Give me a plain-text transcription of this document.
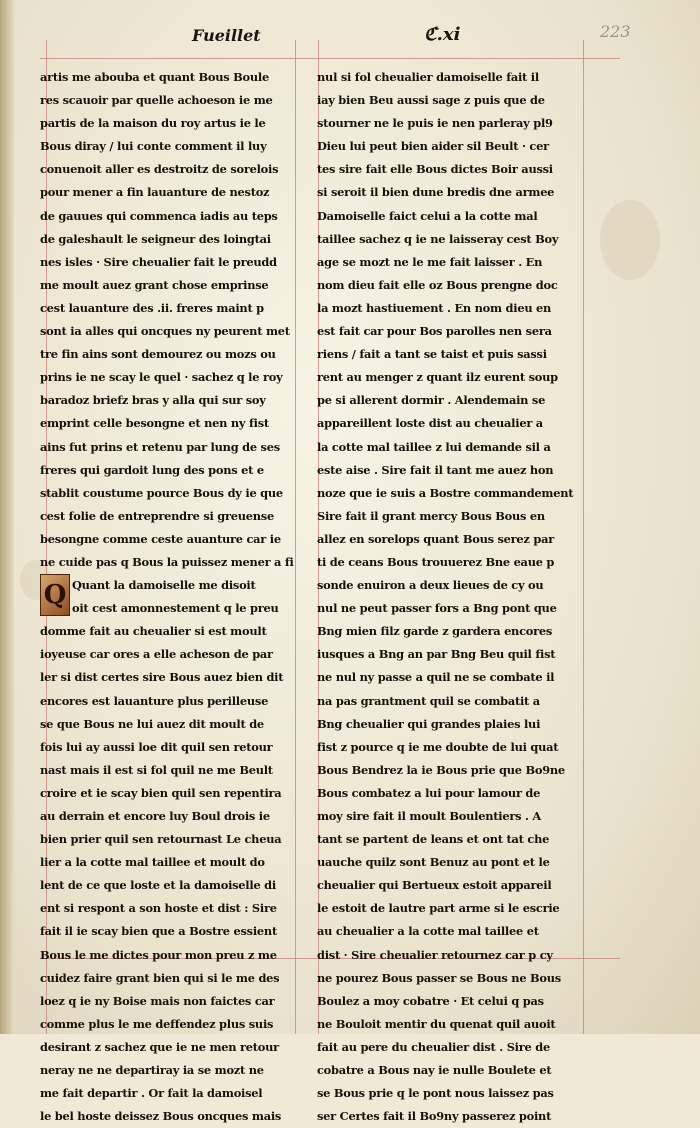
Fueillet	ℭ.xi	223
artis me abouba et quant Bous Boule
res scauoir par quelle achoeson ie me
partis de la maison du roy artus ie le
Bous diray / lui conte comment il luy
conuenoit aller es destroitz de sorelois
pour mener a fin lauanture de nestoz
de gauues qui commenca iadis au teps
de galeshault le seigneur des loingtai
nes isles · Sire cheualier fait le preudd
me moult auez grant chose emprinse
cest lauanture des .ii. freres maint p
sont ia alles qui oncques ny peurent met
tre fin ains sont demourez ou mozs ou
prins ie ne scay le quel · sachez q le roy
baradoz briefz bras y alla qui sur soy
emprint celle besongne et nen ny fist
ains fut prins et retenu par lung de ses
freres qui gardoit lung des pons et e
stablit coustume pource Bous dy ie que
cest folie de entreprendre si greuense
besongne comme ceste auanture car ie
ne cuide pas q Bous la puissez mener a fi
Q Quant la damoiselle me disoit
oit cest amonnestement q le preu
domme fait au cheualier si est moult
ioyeuse car ores a elle acheson de par
ler si dist certes sire Bous auez bien dit
encores est lauanture plus perilleuse
se que Bous ne lui auez dit moult de
fois lui ay aussi loe dit quil sen retour
nast mais il est si fol quil ne me Beult
croire et ie scay bien quil sen repentira
au derrain et encore luy Boul drois ie
bien prier quil sen retournast Le cheua
lier a la cotte mal taillee et moult do
lent de ce que loste et la damoiselle di
ent si respont a son hoste et dist : Sire
fait il ie scay bien que a Bostre essient
Bous le me dictes pour mon preu z me
cuidez faire grant bien qui si le me des
loez q ie ny Boise mais non faictes car
comme plus le me deffendez plus suis
desirant z sachez que ie ne men retour
neray ne ne departiray ia se mozt ne
me fait departir . Or fait la damoisel
le bel hoste deissez Bous oncques mais
nul si fol cheualier damoiselle fait il
iay bien Beu aussi sage z puis que de
stourner ne le puis ie nen parleray pl9
Dieu lui peut bien aider sil Beult · cer
tes sire fait elle Bous dictes Boir aussi
si seroit il bien dune bredis dne armee
Damoiselle faict celui a la cotte mal
taillee sachez q ie ne laisseray cest Boy
age se mozt ne le me fait laisser . En
nom dieu fait elle oz Bous prengne doc
la mozt hastiuement . En nom dieu en
est fait car pour Bos parolles nen sera
riens / fait a tant se taist et puis sassi
rent au menger z quant ilz eurent soup
pe si allerent dormir . Alendemain se
appareillent loste dist au cheualier a
la cotte mal taillee z lui demande sil a
este aise . Sire fait il tant me auez hon
noze que ie suis a Bostre commandement
Sire fait il grant mercy Bous Bous en
allez en sorelops quant Bous serez par
ti de ceans Bous trouuerez Bne eaue p
sonde enuiron a deux lieues de cy ou
nul ne peut passer fors a Bng pont que
Bng mien filz garde z gardera encores
iusques a Bng an par Bng Beu quil fist
ne nul ny passe a quil ne se combate il
na pas grantment quil se combatit a
Bng cheualier qui grandes plaies lui
fist z pource q ie me doubte de lui quat
Bous Bendrez la ie Bous prie que Bo9ne
Bous combatez a lui pour lamour de
moy sire fait il moult Boulentiers . A
tant se partent de leans et ont tat che
uauche quilz sont Benuz au pont et le
cheualier qui Bertueux estoit appareil
le estoit de lautre part arme si le escrie
au cheualier a la cotte mal taillee et
dist · Sire cheualier retournez car p cy
ne pourez Bous passer se Bous ne Bous
Boulez a moy cobatre · Et celui q pas
ne Bouloit mentir du quenat quil auoit
fait au pere du cheualier dist . Sire de
cobatre a Bous nay ie nulle Boulete et
se Bous prie q le pont nous laissez pas
ser Certes fait il Bo9ny passerez point
